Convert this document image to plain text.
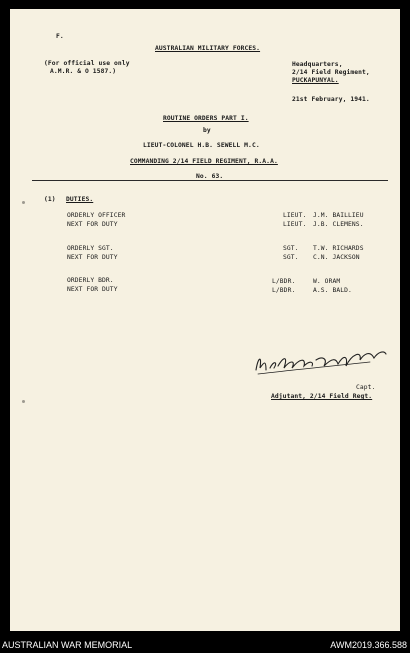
F.
AUSTRALIAN MILITARY FORCES.
(For official use only
A.M.R. & O 1587.)
Headquarters,
2/14 Field Regiment,
PUCKAPUNYAL.
21st February, 1941.
ROUTINE ORDERS PART I.
by
LIEUT-COLONEL H.B. SEWELL M.C.
COMMANDING 2/14 FIELD REGIMENT, R.A.A.
No. 63.
(1) DUTIES.
ORDERLY OFFICER	LIEUT. J.M. BAILLIEU
NEXT FOR DUTY	LIEUT. J.B. CLEMENS.
ORDERLY SGT.	SGT. T.W. RICHARDS
NEXT FOR DUTY	SGT. C.N. JACKSON
ORDERLY BDR.	L/BDR.	W. ORAM
NEXT FOR DUTY	L/BDR.	A.S. BALD.
Capt.
Adjutant, 2/14 Field Regt.
AUSTRALIAN WAR MEMORIAL	AWM2019.366.588
